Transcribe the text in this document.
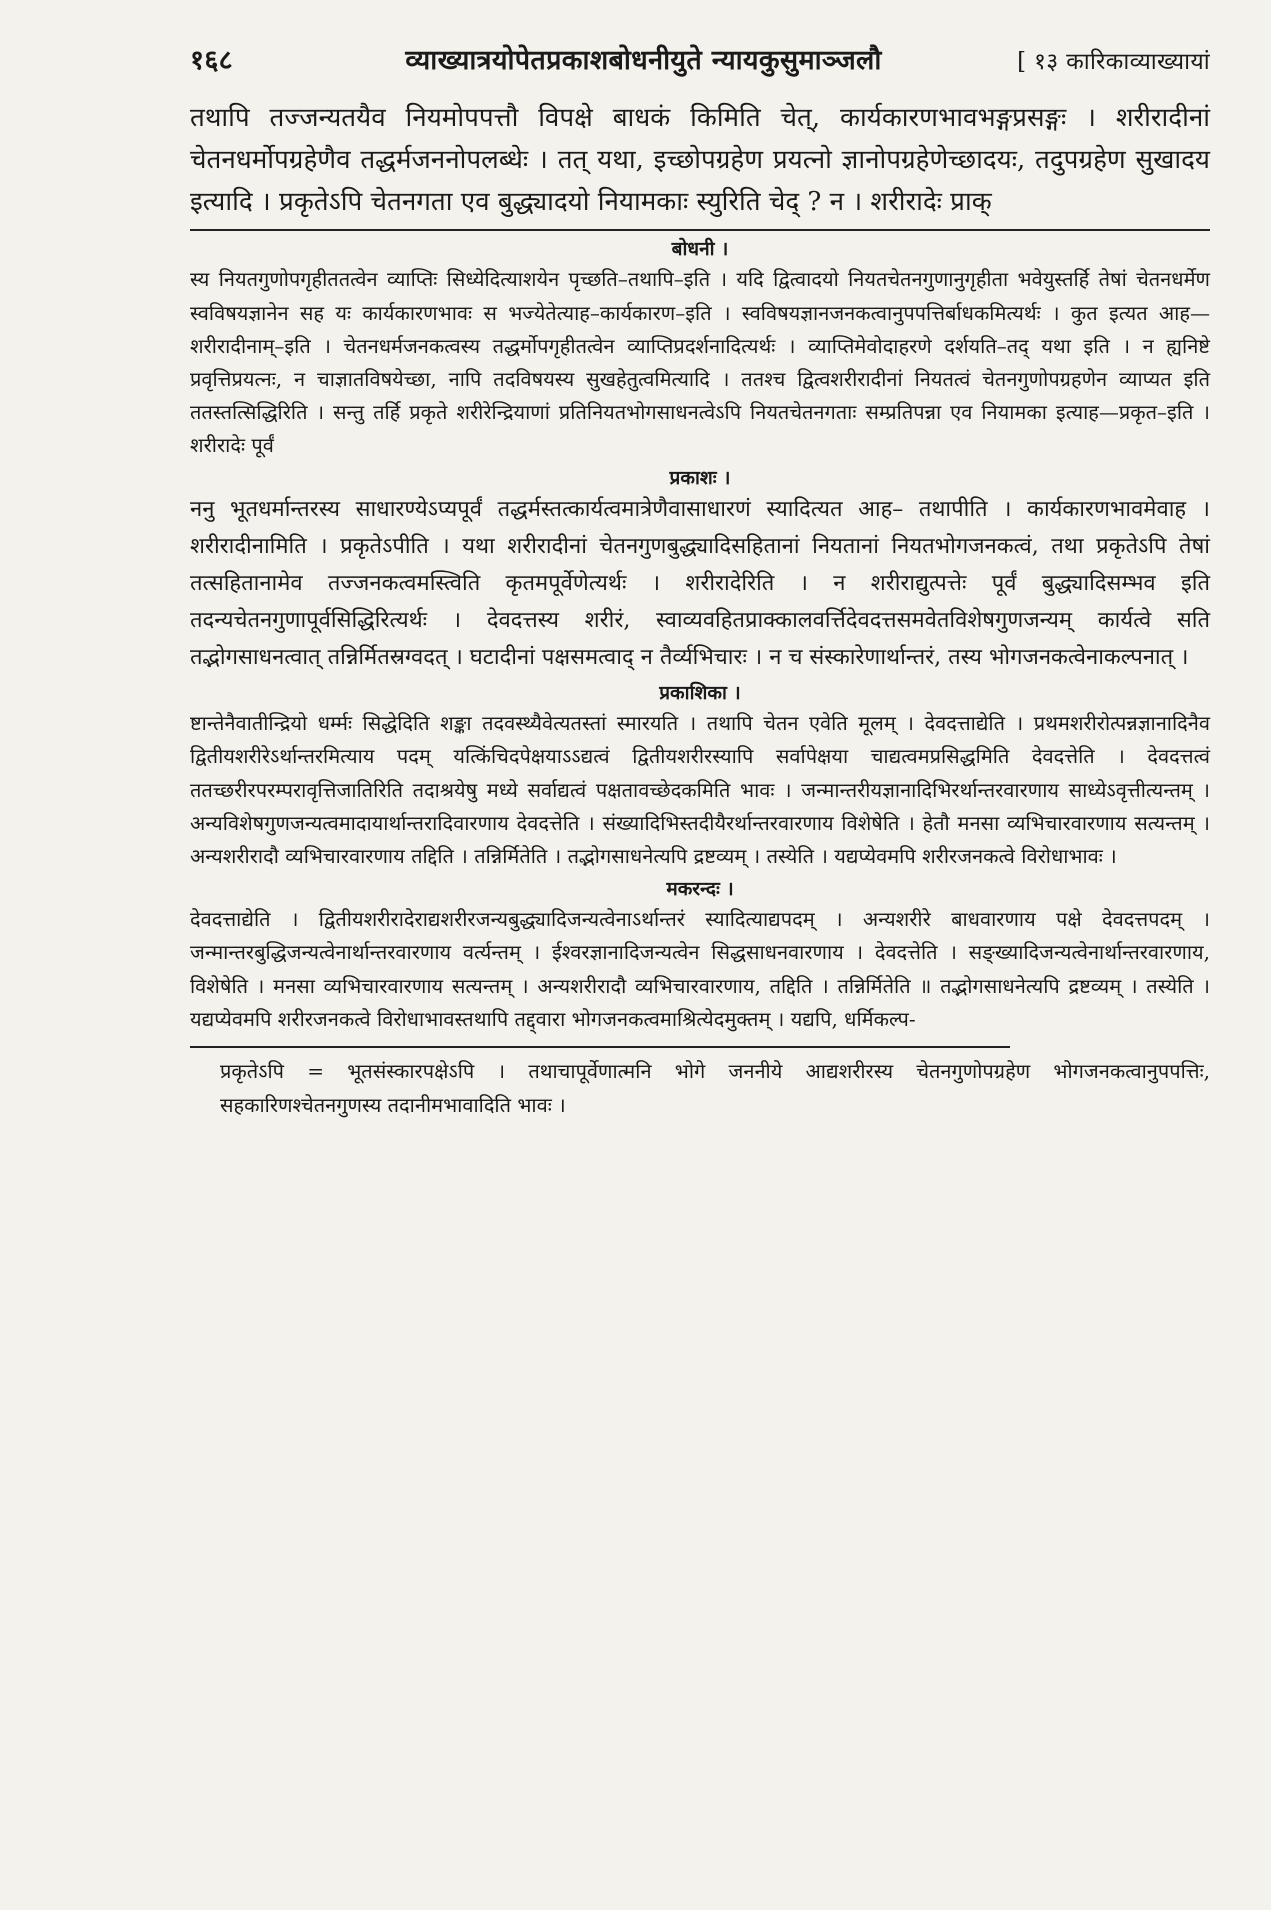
१६८	व्याख्यात्रयोपेतप्रकाशबोधनीयुते न्यायकुसुमाञ्जलौ	[ १३ कारिकाव्याख्यायां

तथापि तज्जन्यतयैव नियमोपपत्तौ विपक्षे बाधकं किमिति चेत्, कार्यकारणभावभङ्गप्रसङ्गः । शरीरादीनां चेतनधर्मोपग्रहेणैव तद्धर्मजननोपलब्धेः । तत् यथा, इच्छोपग्रहेण प्रयत्नो ज्ञानोपग्रहेणेच्छादयः, तदुपग्रहेण सुखादय इत्यादि । प्रकृतेऽपि चेतनगता एव बुद्ध्यादयो नियामकाः स्युरिति चेद् ? न । शरीरादेः प्राक्

बोधनी ।

स्य नियतगुणोपगृहीततत्वेन व्याप्तिः सिध्येदित्याशयेन पृच्छति–तथापि–इति । यदि द्वित्वादयो नियतचेतनगुणानुगृहीता भवेयुस्तर्हि तेषां चेतनधर्मेण स्वविषयज्ञानेन सह यः कार्यकारणभावः स भज्येतेत्याह–कार्यकारण–इति । स्वविषयज्ञानजनकत्वानुपपत्तिर्बाधकमित्यर्थः । कुत इत्यत आह—शरीरादीनाम्–इति । चेतनधर्मजनकत्वस्य तद्धर्मोपगृहीतत्वेन व्याप्तिप्रदर्शनादित्यर्थः । व्याप्तिमेवोदाहरणे दर्शयति–तद् यथा इति । न ह्यनिष्टे प्रवृत्तिप्रयत्नः, न चाज्ञातविषयेच्छा, नापि तदविषयस्य सुखहेतुत्वमित्यादि । ततश्च द्वित्वशरीरादीनां नियतत्वं चेतनगुणोपग्रहणेन व्याप्यत इति ततस्तत्सिद्धिरिति । सन्तु तर्हि प्रकृते शरीरेन्द्रियाणां प्रतिनियतभोगसाधनत्वेऽपि नियतचेतनगताः सम्प्रतिपन्ना एव नियामका इत्याह—प्रकृत–इति । शरीरादेः पूर्वं

प्रकाशः ।

ननु भूतधर्मान्तरस्य साधारण्येऽप्यपूर्वं तद्धर्मस्तत्कार्यत्वमात्रेणैवासाधारणं स्यादित्यत आह– तथापीति । कार्यकारणभावमेवाह । शरीरादीनामिति । प्रकृतेऽपीति । यथा शरीरादीनां चेतनगुणबुद्ध्यादिसहितानां नियतानां नियतभोगजनकत्वं, तथा प्रकृतेऽपि तेषां तत्सहितानामेव तज्जनकत्वमस्त्विति कृतमपूर्वेणेत्यर्थः । शरीरादेरिति । न शरीराद्युत्पत्तेः पूर्वं बुद्ध्यादिसम्भव इति तदन्यचेतनगुणापूर्वसिद्धिरित्यर्थः । देवदत्तस्य शरीरं, स्वाव्यवहितप्राक्कालवर्त्तिदेवदत्तसमवेतविशेषगुणजन्यम् कार्यत्वे सति तद्भोगसाधनत्वात् तन्निर्मितस्रग्वदत् । घटादीनां पक्षसमत्वाद् न तैर्व्यभिचारः । न च संस्कारेणार्थान्तरं, तस्य भोगजनकत्वेनाकल्पनात् ।

प्रकाशिका ।

ष्टान्तेनैवातीन्द्रियो धर्म्मः सिद्धेदिति शङ्का तदवस्थ्यैवेत्यतस्तां स्मारयति । तथापि चेतन एवेति मूलम् । देवदत्ताद्येति । प्रथमशरीरोत्पन्नज्ञानादिनैव द्वितीयशरीरेऽर्थान्तरमित्याय पदम् यत्किंचिदपेक्षयाऽऽद्यत्वं द्वितीयशरीरस्यापि सर्वापेक्षया चाद्यत्वमप्रसिद्धमिति देवदत्तेति । देवदत्तत्वं ततच्छरीरपरम्परावृत्तिजातिरिति तदाश्रयेषु मध्ये सर्वाद्यत्वं पक्षतावच्छेदकमिति भावः । जन्मान्तरीयज्ञानादिभिरर्थान्तरवारणाय साध्येऽवृत्तीत्यन्तम् । अन्यविशेषगुणजन्यत्वमादायार्थान्तरादिवारणाय देवदत्तेति । संख्यादिभिस्तदीयैरर्थान्तरवारणाय विशेषेति । हेतौ मनसा व्यभिचारवारणाय सत्यन्तम् । अन्यशरीरादौ व्यभिचारवारणाय तद्दिति । तन्निर्मितेति । तद्भोगसाधनेत्यपि द्रष्टव्यम् । तस्येति । यद्यप्येवमपि शरीरजनकत्वे विरोधाभावः ।

मकरन्दः ।

देवदत्ताद्येति । द्वितीयशरीरादेराद्यशरीरजन्यबुद्ध्यादिजन्यत्वेनाऽर्थान्तरं स्यादित्याद्यपदम् । अन्यशरीरे बाधवारणाय पक्षे देवदत्तपदम् । जन्मान्तरबुद्धिजन्यत्वेनार्थान्तरवारणाय वर्त्यन्तम् । ईश्वरज्ञानादिजन्यत्वेन सिद्धसाधनवारणाय । देवदत्तेति । सङ्ख्यादिजन्यत्वेनार्थान्तरवारणाय, विशेषेति । मनसा व्यभिचारवारणाय सत्यन्तम् । अन्यशरीरादौ व्यभिचारवारणाय, तद्दिति । तन्निर्मितेति ॥ तद्भोगसाधनेत्यपि द्रष्टव्यम् । तस्येति । यद्यप्येवमपि शरीरजनकत्वे विरोधाभावस्तथापि तद्द्वारा भोगजनकत्वमाश्रित्येदमुक्तम् । यद्यपि, धर्मिकल्प-

प्रकृतेऽपि = भूतसंस्कारपक्षेऽपि । तथाचापूर्वेणात्मनि भोगे जननीये आद्यशरीरस्य चेतनगुणोपग्रहेण भोगजनकत्वानुपपत्तिः, सहकारिणश्चेतनगुणस्य तदानीमभावादिति भावः ।
